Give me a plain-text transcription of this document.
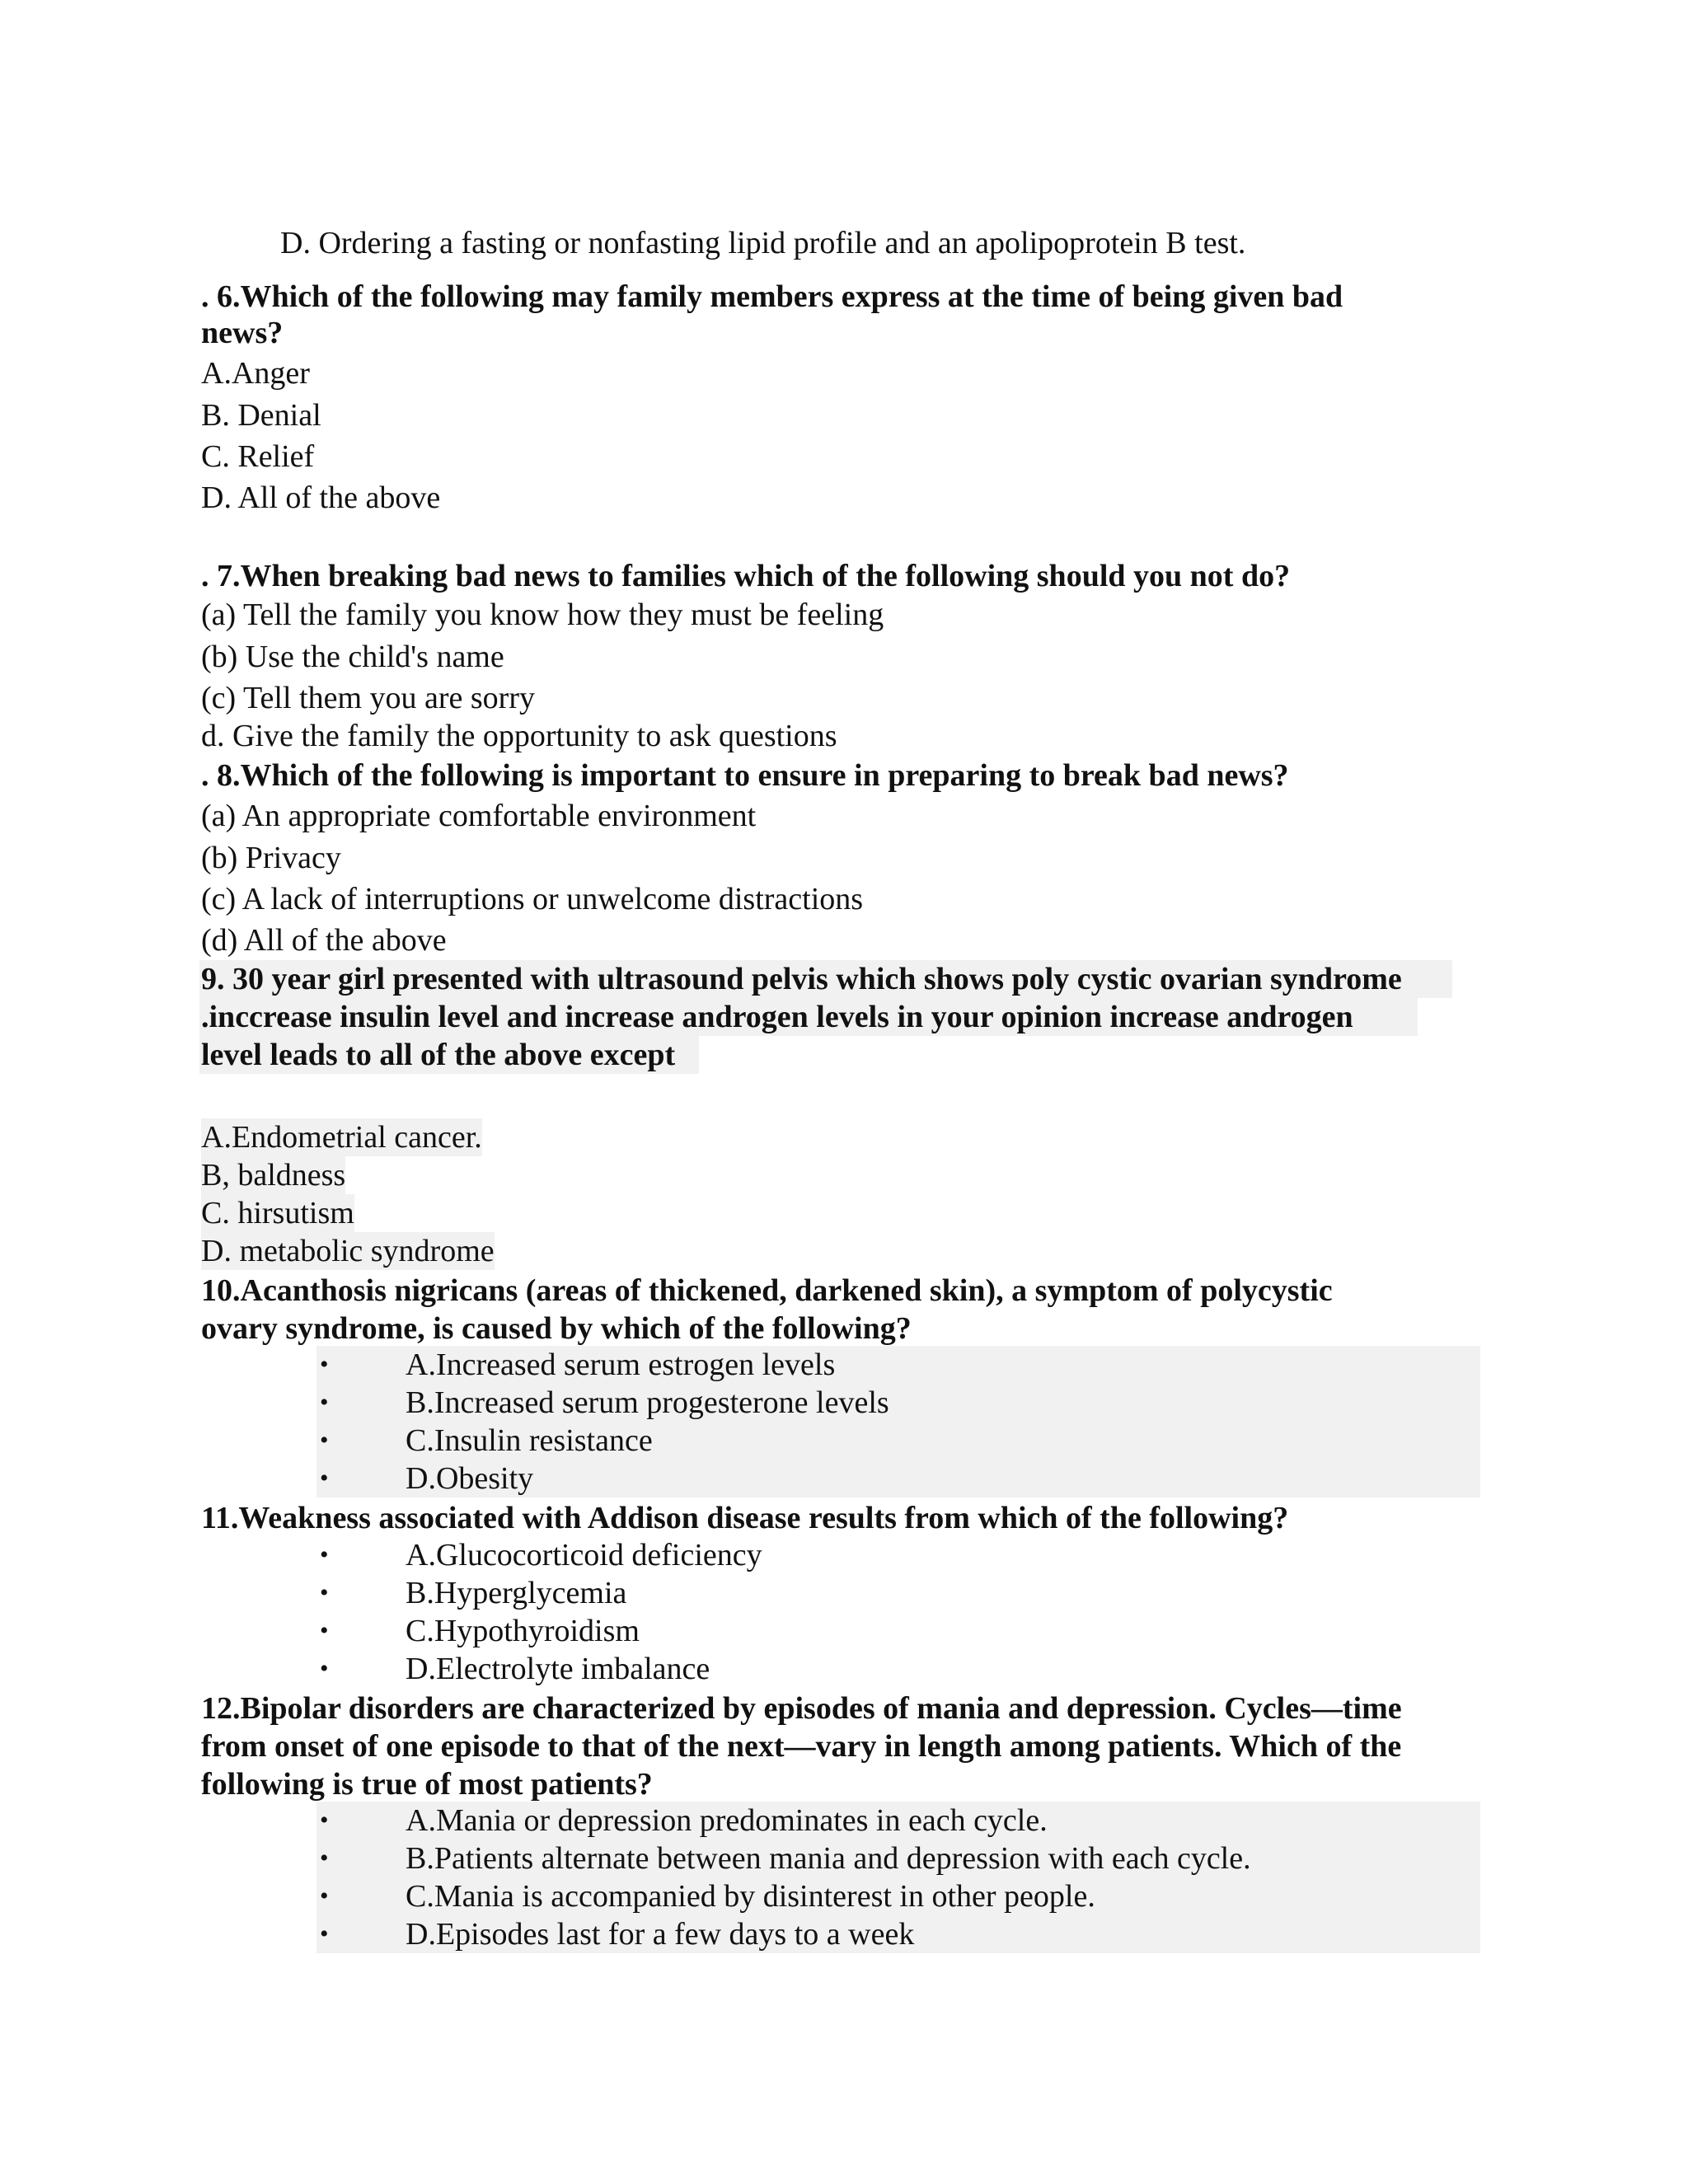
D. Ordering a fasting or nonfasting lipid profile and an apolipoprotein B test.
. 6.Which of the following may family members express at the time of being given bad
news?
A.Anger
B. Denial
C. Relief
D. All of the above
. 7.When breaking bad news to families which of the following should you not do?
(a) Tell the family you know how they must be feeling
(b) Use the child's name
(c) Tell them you are sorry
d. Give the family the opportunity to ask questions
. 8.Which of the following is important to ensure in preparing to break bad news?
(a) An appropriate comfortable environment
(b) Privacy
(c) A lack of interruptions or unwelcome distractions
(d) All of the above
9. 30 year girl presented with ultrasound pelvis which shows poly cystic ovarian syndrome
.inccrease insulin level and increase androgen levels in your opinion increase androgen
level leads to all of the above except
A.Endometrial cancer.
B, baldness
C. hirsutism
D. metabolic syndrome
10.Acanthosis nigricans (areas of thickened, darkened skin), a symptom of polycystic
ovary syndrome, is caused by which of the following?
• A.Increased serum estrogen levels
• B.Increased serum progesterone levels
• C.Insulin resistance
• D.Obesity
11.Weakness associated with Addison disease results from which of the following?
• A.Glucocorticoid deficiency
• B.Hyperglycemia
• C.Hypothyroidism
• D.Electrolyte imbalance
12.Bipolar disorders are characterized by episodes of mania and depression. Cycles—time
from onset of one episode to that of the next—vary in length among patients. Which of the
following is true of most patients?
• A.Mania or depression predominates in each cycle.
• B.Patients alternate between mania and depression with each cycle.
• C.Mania is accompanied by disinterest in other people.
• D.Episodes last for a few days to a week
